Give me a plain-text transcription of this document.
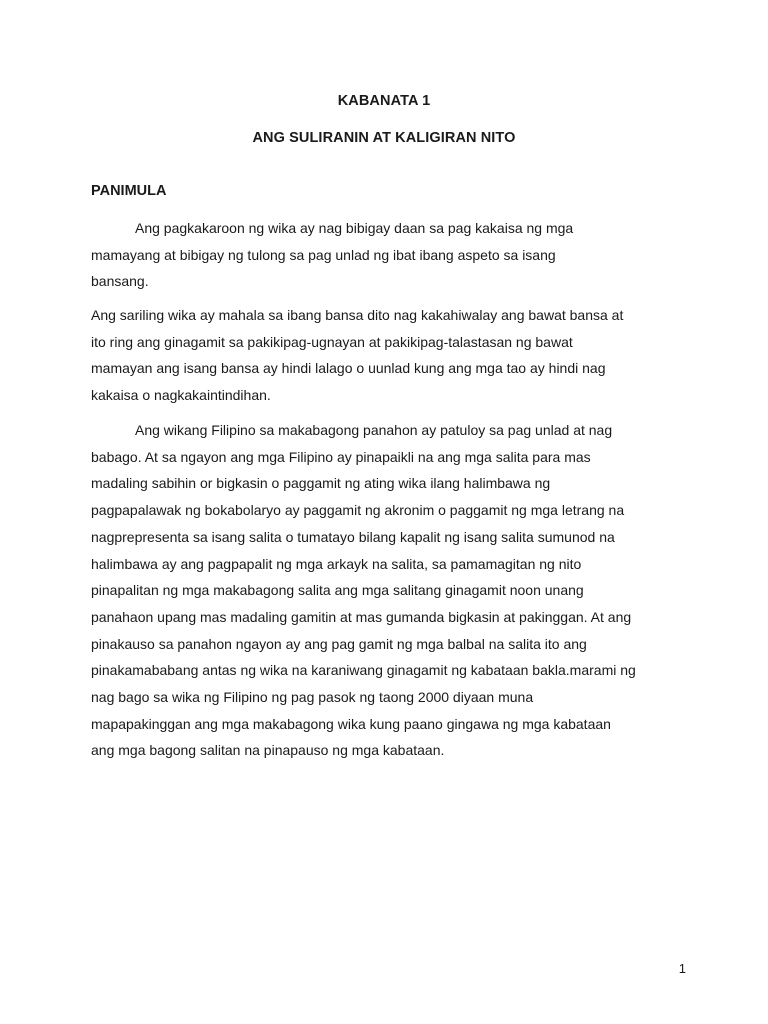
KABANATA 1

ANG SULIRANIN AT KALIGIRAN NITO

PANIMULA

Ang pagkakaroon ng wika ay nag bibigay daan sa pag kakaisa ng mga
mamayang at bibigay ng tulong sa pag unlad ng ibat ibang aspeto sa isang
bansang.

Ang sariling wika ay mahala sa ibang bansa dito nag kakahiwalay ang bawat bansa at
ito ring ang ginagamit sa pakikipag-ugnayan at pakikipag-talastasan ng bawat
mamayan ang isang bansa ay hindi lalago o uunlad kung ang mga tao ay hindi nag
kakaisa o nagkakaintindihan.

Ang wikang Filipino sa makabagong panahon ay patuloy sa pag unlad at nag
babago. At sa ngayon ang mga Filipino ay pinapaikli na ang mga salita para mas
madaling sabihin or bigkasin o paggamit ng ating wika ilang halimbawa ng
pagpapalawak ng bokabolaryo ay paggamit ng akronim o paggamit ng mga letrang na
nagprepresenta sa isang salita o tumatayo bilang kapalit ng isang salita sumunod na
halimbawa ay ang pagpapalit ng mga arkayk na salita, sa pamamagitan ng nito
pinapalitan ng mga makabagong salita ang mga salitang ginagamit noon unang
panahaon upang mas madaling gamitin at mas gumanda bigkasin at pakinggan. At ang
pinakauso sa panahon ngayon ay ang pag gamit ng mga balbal na salita ito ang
pinakamababang antas ng wika na karaniwang ginagamit ng kabataan bakla.marami ng
nag bago sa wika ng Filipino ng pag pasok ng taong 2000 diyaan muna
mapapakinggan ang mga makabagong wika kung paano gingawa ng mga kabataan
ang mga bagong salitan na pinapauso ng mga kabataan.

1
